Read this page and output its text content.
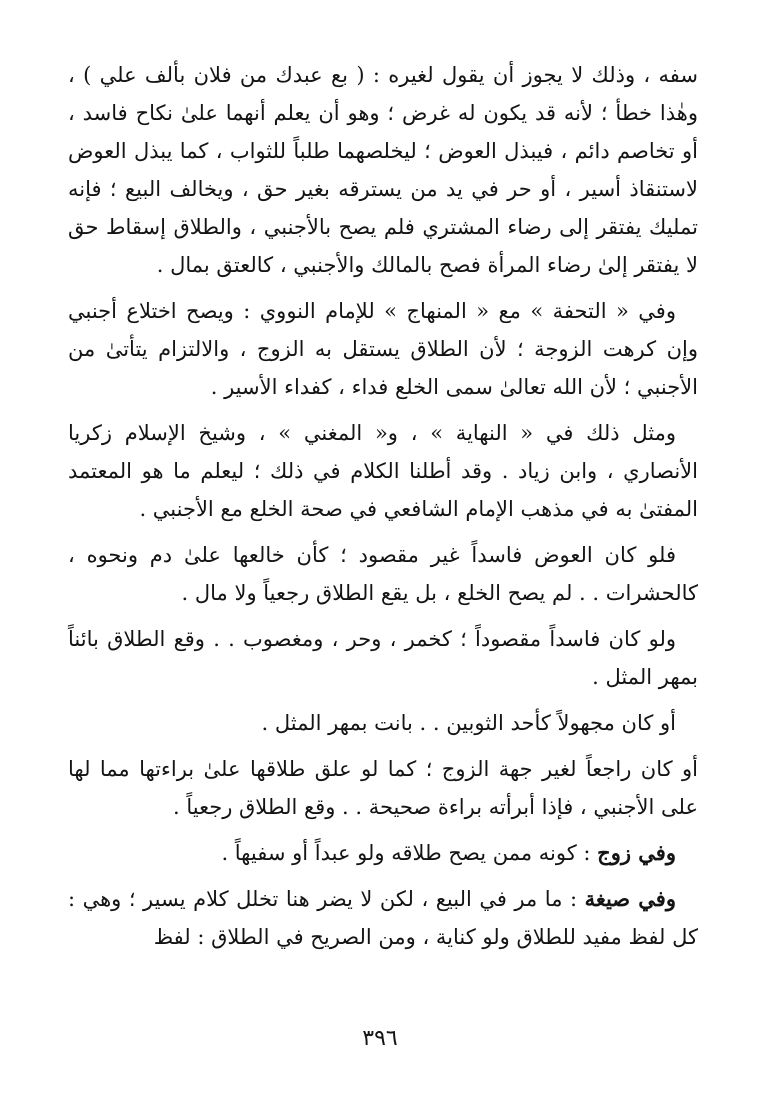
سفه ، وذلك لا يجوز أن يقول لغيره : ( بع عبدك من فلان بألف علي ) ، وهٰذا خطأ ؛ لأنه قد يكون له غرض ؛ وهو أن يعلم أنهما علىٰ نكاح فاسد ، أو تخاصم دائم ، فيبذل العوض ؛ ليخلصهما طلباً للثواب ، كما يبذل العوض لاستنقاذ أسير ، أو حر في يد من يسترقه بغير حق ، ويخالف البيع ؛ فإنه تمليك يفتقر إلى رضاء المشتري فلم يصح بالأجنبي ، والطلاق إسقاط حق لا يفتقر إلىٰ رضاء المرأة فصح بالمالك والأجنبي ، كالعتق بمال .

وفي « التحفة » مع « المنهاج » للإمام النووي : ويصح اختلاع أجنبي وإن كرهت الزوجة ؛ لأن الطلاق يستقل به الزوج ، والالتزام يتأتىٰ من الأجنبي ؛ لأن الله تعالىٰ سمى الخلع فداء ، كفداء الأسير .

ومثل ذلك في « النهاية » ، و« المغني » ، وشيخ الإسلام زكريا الأنصاري ، وابن زياد . وقد أطلنا الكلام في ذلك ؛ ليعلم ما هو المعتمد المفتىٰ به في مذهب الإمام الشافعي في صحة الخلع مع الأجنبي .

فلو كان العوض فاسداً غير مقصود ؛ كأن خالعها علىٰ دم ونحوه ، كالحشرات . . لم يصح الخلع ، بل يقع الطلاق رجعياً ولا مال .

ولو كان فاسداً مقصوداً ؛ كخمر ، وحر ، ومغصوب . . وقع الطلاق بائناً بمهر المثل .

أو كان مجهولاً كأحد الثوبين . . بانت بمهر المثل .

أو كان راجعاً لغير جهة الزوج ؛ كما لو علق طلاقها علىٰ براءتها مما لها على الأجنبي ، فإذا أبرأته براءة صحيحة . . وقع الطلاق رجعياً .

وفي زوج : كونه ممن يصح طلاقه ولو عبداً أو سفيهاً .

وفي صيغة : ما مر في البيع ، لكن لا يضر هنا تخلل كلام يسير ؛ وهي : كل لفظ مفيد للطلاق ولو كناية ، ومن الصريح في الطلاق : لفظ

٣٩٦
